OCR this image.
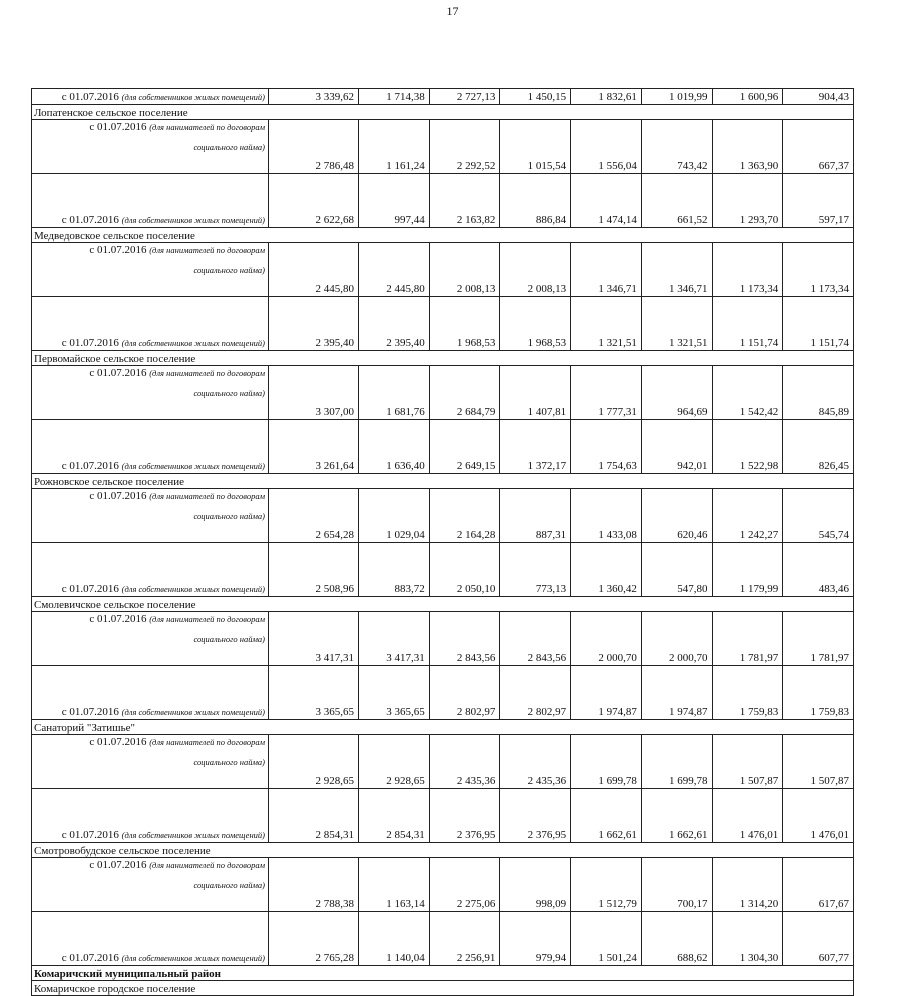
17
с 01.07.2016 (для собственников жилых помещений)	3 339,62	1 714,38	2 727,13	1 450,15	1 832,61	1 019,99	1 600,96	904,43
Лопатенское сельское поселение								

с 01.07.2016 (для нанимателей по договорам
социального найма)	2 786,48	1 161,24	2 292,52	1 015,54	1 556,04	743,42	1 363,90	667,37

с 01.07.2016 (для собственников жилых помещений)	2 622,68	997,44	2 163,82	886,84	1 474,14	661,52	1 293,70	597,17
Медведовское сельское поселение								

с 01.07.2016 (для нанимателей по договорам
социального найма)	2 445,80	2 445,80	2 008,13	2 008,13	1 346,71	1 346,71	1 173,34	1 173,34

с 01.07.2016 (для собственников жилых помещений)	2 395,40	2 395,40	1 968,53	1 968,53	1 321,51	1 321,51	1 151,74	1 151,74
Первомайское сельское поселение								

с 01.07.2016 (для нанимателей по договорам
социального найма)	3 307,00	1 681,76	2 684,79	1 407,81	1 777,31	964,69	1 542,42	845,89

с 01.07.2016 (для собственников жилых помещений)	3 261,64	1 636,40	2 649,15	1 372,17	1 754,63	942,01	1 522,98	826,45
Рожновское сельское поселение								

с 01.07.2016 (для нанимателей по договорам
социального найма)	2 654,28	1 029,04	2 164,28	887,31	1 433,08	620,46	1 242,27	545,74

с 01.07.2016 (для собственников жилых помещений)	2 508,96	883,72	2 050,10	773,13	1 360,42	547,80	1 179,99	483,46
Смолевичское сельское поселение								

с 01.07.2016 (для нанимателей по договорам
социального найма)	3 417,31	3 417,31	2 843,56	2 843,56	2 000,70	2 000,70	1 781,97	1 781,97

с 01.07.2016 (для собственников жилых помещений)	3 365,65	3 365,65	2 802,97	2 802,97	1 974,87	1 974,87	1 759,83	1 759,83
Санаторий "Затишье"								

с 01.07.2016 (для нанимателей по договорам
социального найма)	2 928,65	2 928,65	2 435,36	2 435,36	1 699,78	1 699,78	1 507,87	1 507,87

с 01.07.2016 (для собственников жилых помещений)	2 854,31	2 854,31	2 376,95	2 376,95	1 662,61	1 662,61	1 476,01	1 476,01
Смотровобудское сельское поселение								

с 01.07.2016 (для нанимателей по договорам
социального найма)	2 788,38	1 163,14	2 275,06	998,09	1 512,79	700,17	1 314,20	617,67

с 01.07.2016 (для собственников жилых помещений)	2 765,28	1 140,04	2 256,91	979,94	1 501,24	688,62	1 304,30	607,77
Комаричский муниципальный район								
Комаричское городское поселение								
